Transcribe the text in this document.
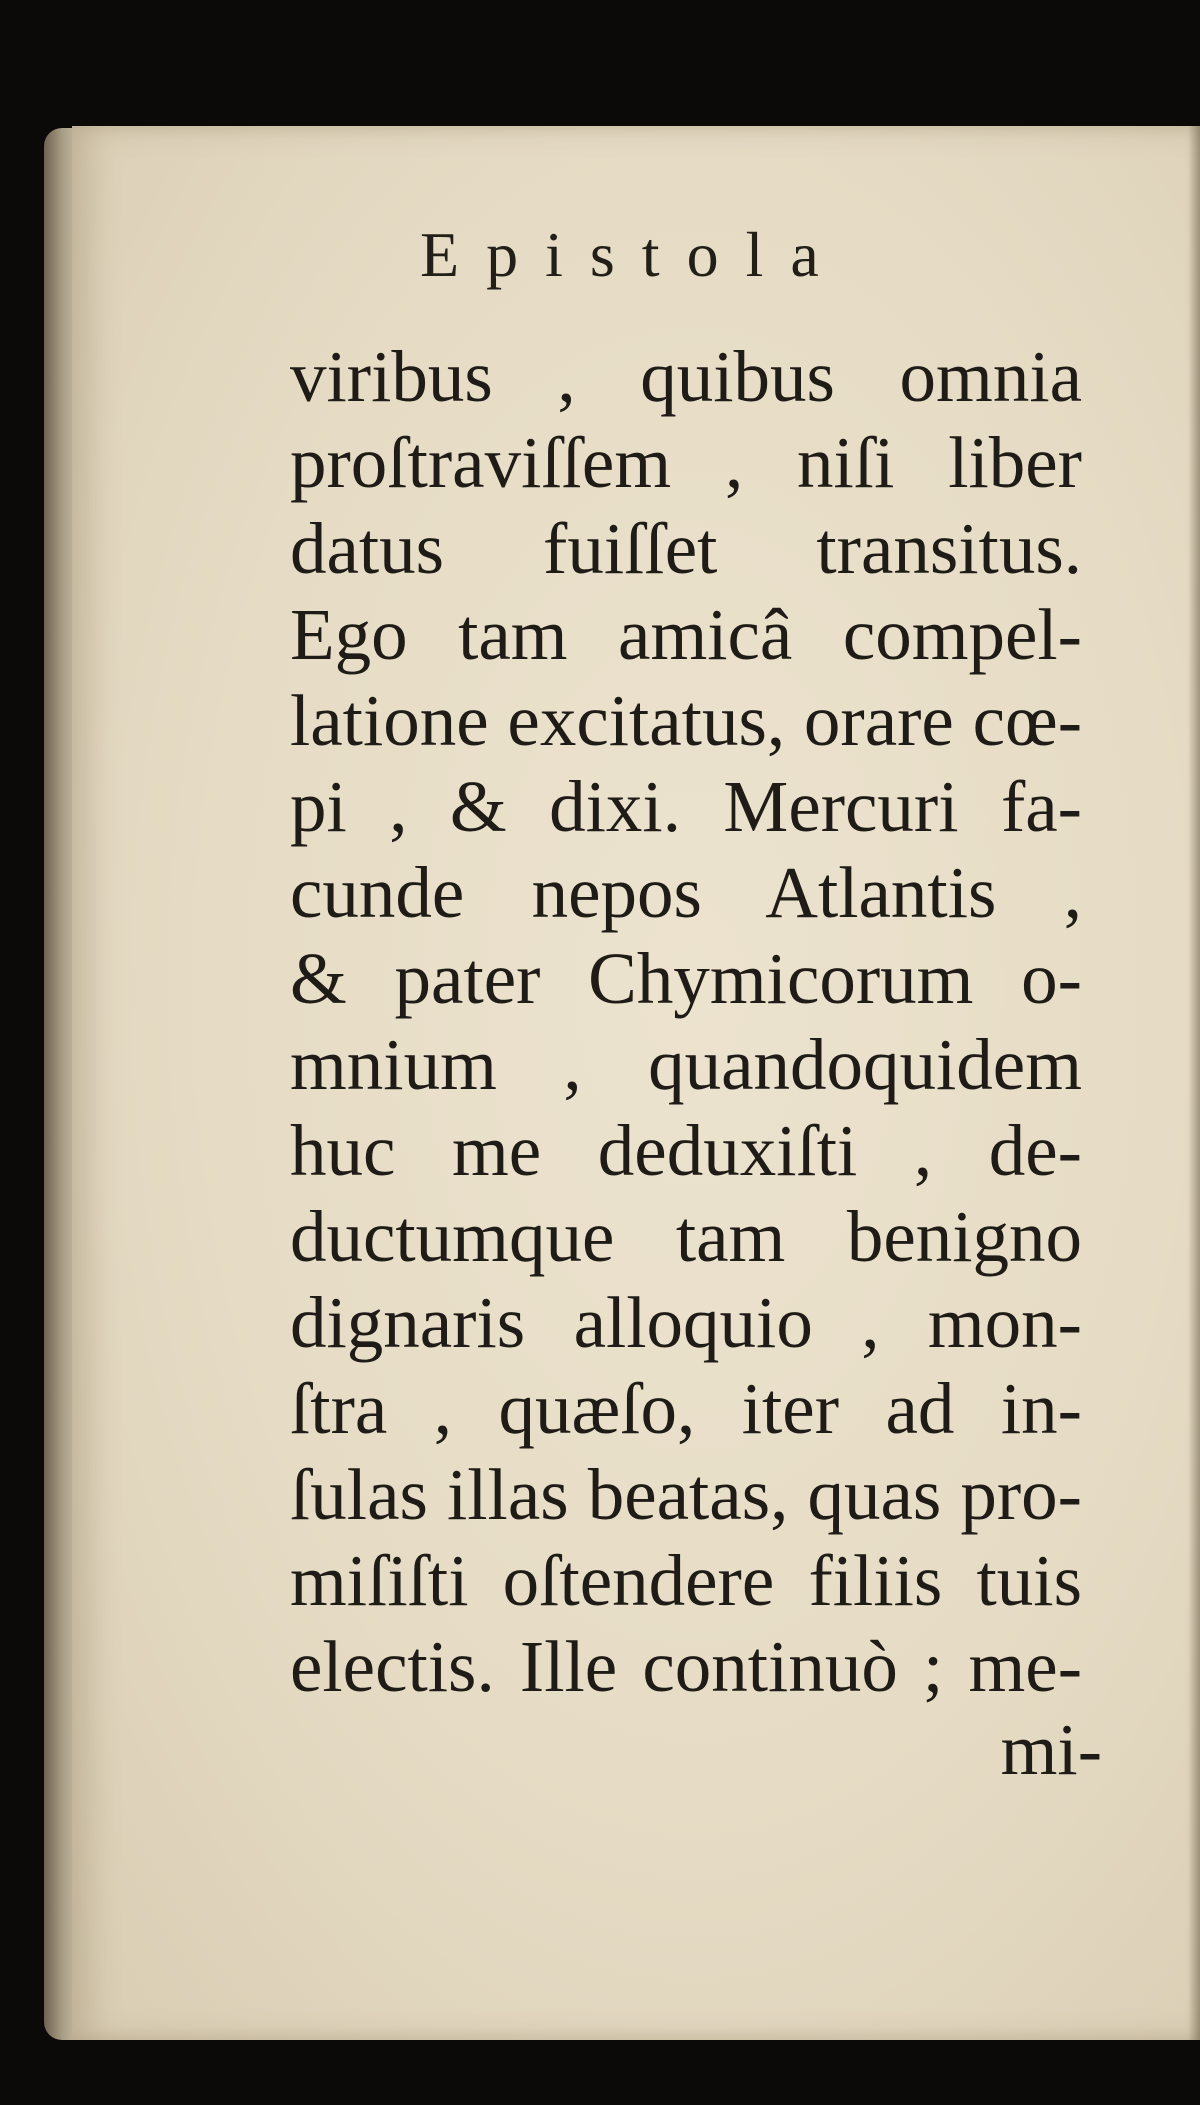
Epistola
viribus , quibus omnia
proſtraviſſem , niſi liber
datus fuiſſet transitus.
Ego tam amicâ compel-
latione excitatus, orare cœ-
pi , & dixi. Mercuri fa-
cunde nepos Atlantis ,
& pater Chymicorum o-
mnium , quandoquidem
huc me deduxiſti , de-
ductumque tam benigno
dignaris alloquio , mon-
ſtra , quæſo, iter ad in-
ſulas illas beatas, quas pro-
miſiſti oſtendere filiis tuis
electis. Ille continuò ; me-
mi-
